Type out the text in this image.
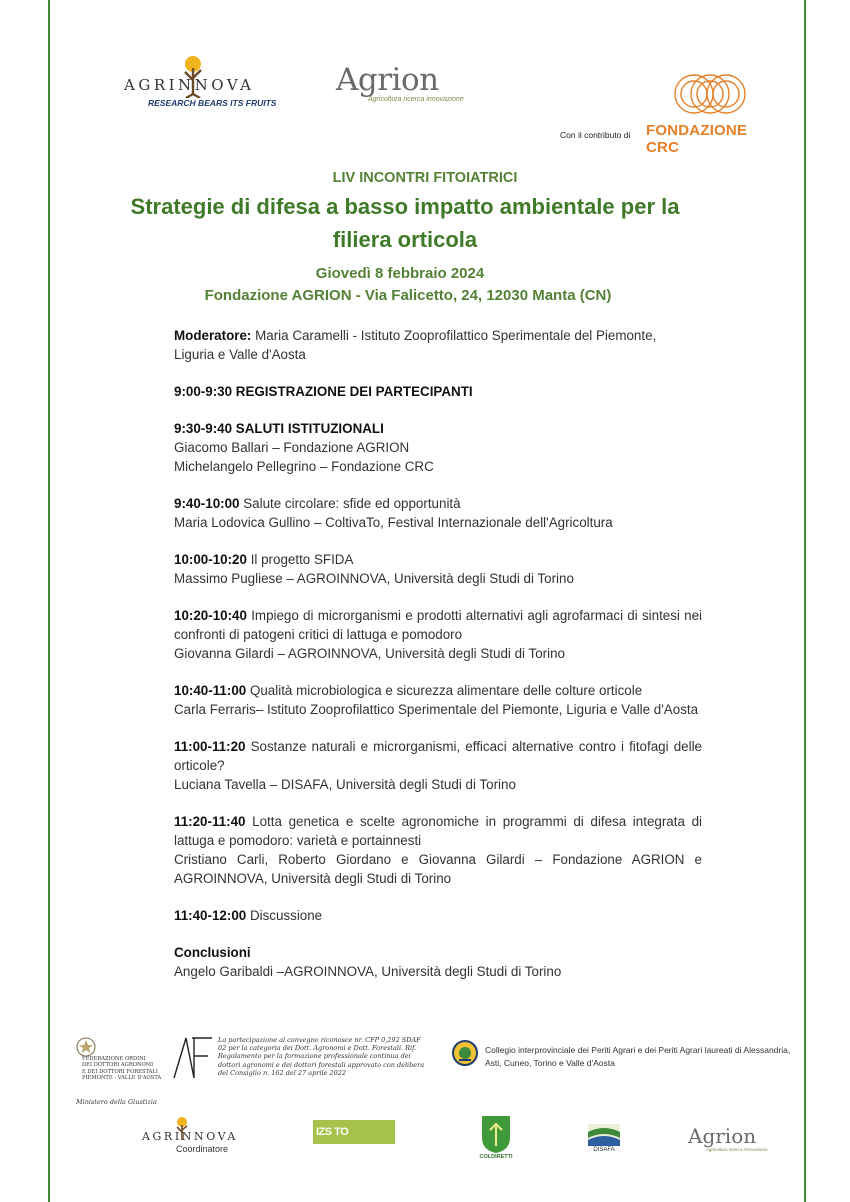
AGRINNOVA
RESEARCH BEARS ITS FRUITS
Agrion
Agricoltura ricerca innovazione
Con il contributo di FONDAZIONE CRC
LIV INCONTRI FITOIATRICI
Strategie di difesa a basso impatto ambientale per la
filiera orticola
Giovedì 8 febbraio 2024
Fondazione AGRION - Via Falicetto, 24, 12030 Manta (CN)

Moderatore: Maria Caramelli - Istituto Zooprofilattico Sperimentale del Piemonte,

Liguria e Valle d'Aosta

9:00-9:30 REGISTRAZIONE DEI PARTECIPANTI

9:30-9:40 SALUTI ISTITUZIONALI

Giacomo Ballari – Fondazione AGRION

Michelangelo Pellegrino – Fondazione CRC

9:40-10:00 Salute circolare: sfide ed opportunità

Maria Lodovica Gullino – ColtivaTo, Festival Internazionale dell'Agricoltura

10:00-10:20 Il progetto SFIDA

Massimo Pugliese – AGROINNOVA, Università degli Studi di Torino

10:20-10:40 Impiego di microrganismi e prodotti alternativi agli agrofarmaci di sintesi nei confronti di patogeni critici di lattuga e pomodoro

Giovanna Gilardi – AGROINNOVA, Università degli Studi di Torino

10:40-11:00 Qualità microbiologica e sicurezza alimentare delle colture orticole

Carla Ferraris– Istituto Zooprofilattico Sperimentale del Piemonte, Liguria e Valle d'Aosta

11:00-11:20 Sostanze naturali e microrganismi, efficaci alternative contro i fitofagi delle orticole?

Luciana Tavella – DISAFA, Università degli Studi di Torino

11:20-11:40 Lotta genetica e scelte agronomiche in programmi di difesa integrata di lattuga e pomodoro: varietà e portainnesti

Cristiano Carli, Roberto Giordano e Giovanna Gilardi – Fondazione AGRION e AGROINNOVA, Università degli Studi di Torino

11:40-12:00 Discussione

Conclusioni

Angelo Garibaldi –AGROINNOVA, Università degli Studi di Torino

FEDERAZIONE ORDINI
DEI DOTTORI AGRONOMI
E DEI DOTTORI FORESTALI
PIEMONTE - VALLE D'AOSTA
Ministero della Giustizia
La partecipazione al convegno riconosce nr. CFP 0,292 SDAF 02 per la categoria dei Dott. Agronomi e Dott. Forestali. Rif. Regolamento per la formazione professionale continua dei dottori agronomi e dei dottori forestali approvato con delibera del Consiglio n. 162 del 27 aprile 2022
Collegio interprovinciale dei Periti Agrari e dei Periti Agrari laureati di Alessandria, Asti, Cuneo, Torino e Valle d'Aosta
AGRINNOVA
Coordinatore
IZS TO
COLDIRETTI
DISAFA
Agrion
Agricoltura ricerca innovazione
